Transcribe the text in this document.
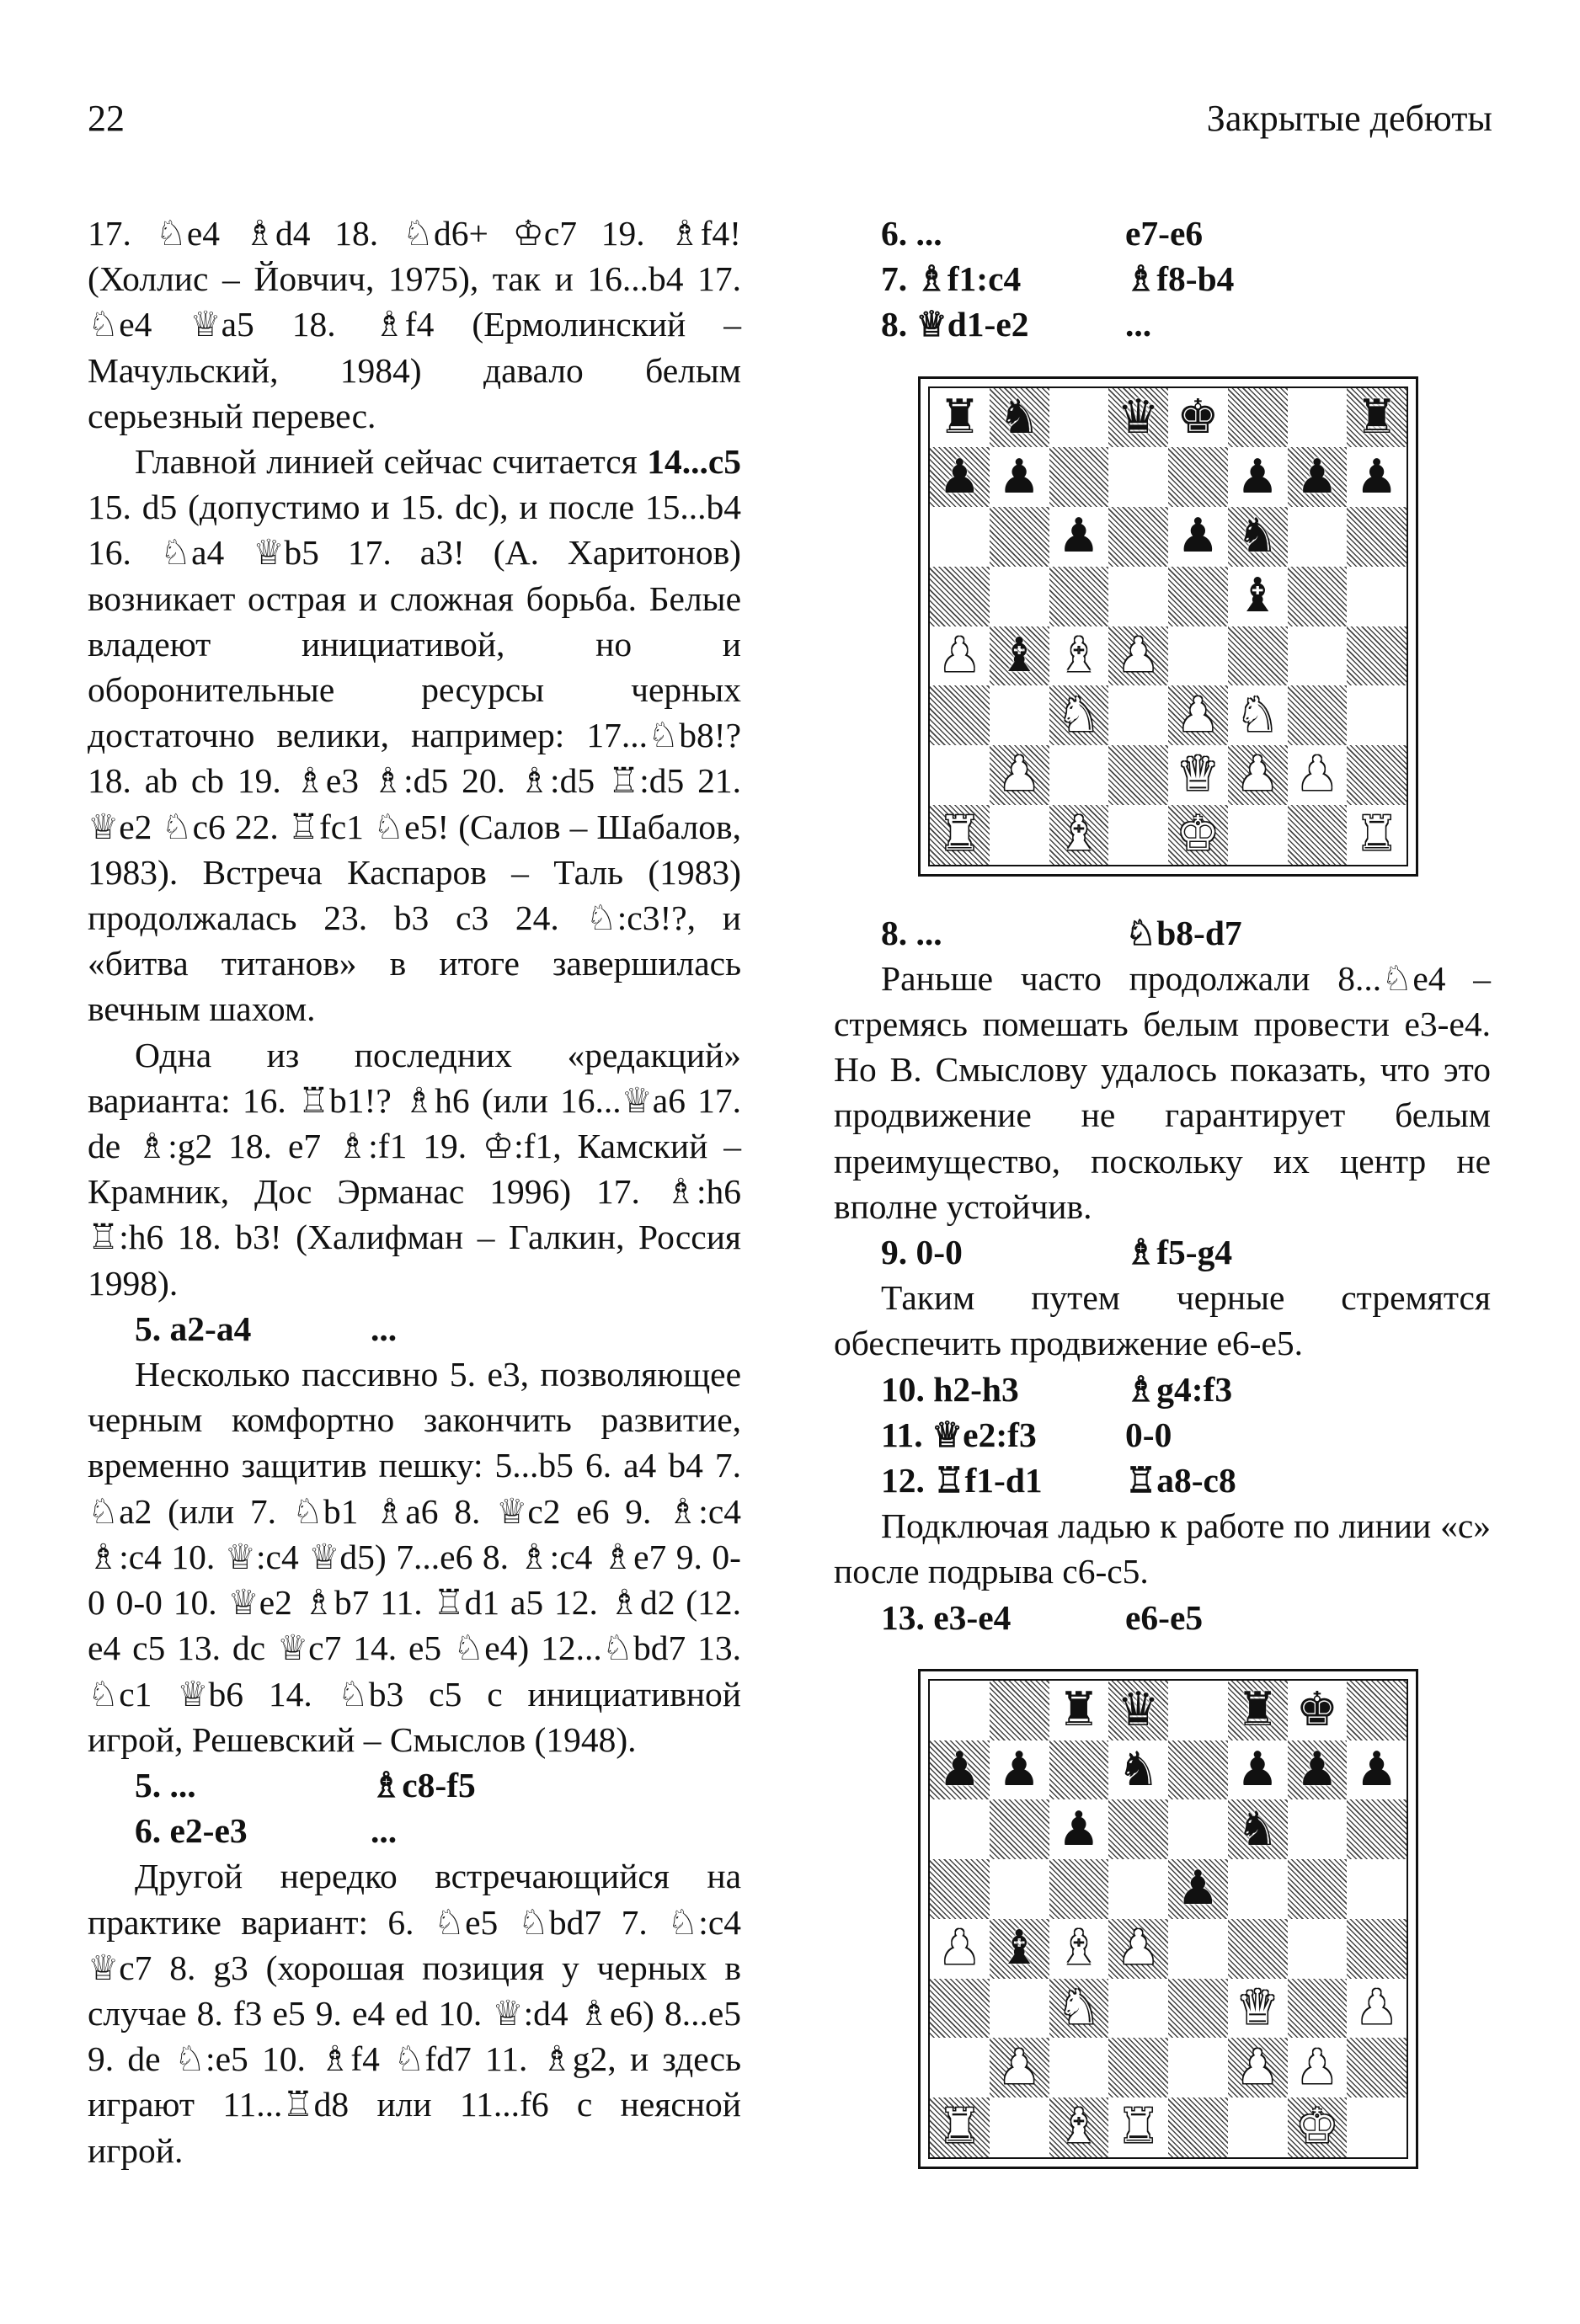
22	Закрытые дебюты

17. ♘e4 ♗d4 18. ♘d6+ ♔c7 19. ♗f4! (Холлис – Йовчич, 1975), так и 16...b4 17. ♘e4 ♕a5 18. ♗f4 (Ермолинский – Мачульский, 1984) давало белым серьезный перевес.

Главной линией сейчас считается 14...c5 15. d5 (допустимо и 15. dc), и после 15...b4 16. ♘a4 ♕b5 17. a3! (А. Харитонов) возникает острая и сложная борьба. Белые владеют инициативой, но и оборонительные ресурсы черных достаточно велики, например: 17...♘b8!? 18. ab cb 19. ♗e3 ♗:d5 20. ♗:d5 ♖:d5 21. ♕e2 ♘c6 22. ♖fc1 ♘e5! (Салов – Шабалов, 1983). Встреча Каспаров – Таль (1983) продолжалась 23. b3 c3 24. ♘:c3!?, и «битва титанов» в итоге завершилась вечным шахом.

Одна из последних «редакций» варианта: 16. ♖b1!? ♗h6 (или 16...♕a6 17. de ♗:g2 18. e7 ♗:f1 19. ♔:f1, Камский – Крамник, Дос Эрманас 1996) 17. ♗:h6 ♖:h6 18. b3! (Халифман – Галкин, Россия 1998).

5. a2-a4	...

Несколько пассивно 5. e3, позволяющее черным комфортно закончить развитие, временно защитив пешку: 5...b5 6. a4 b4 7. ♘a2 (или 7. ♘b1 ♗a6 8. ♕c2 e6 9. ♗:c4 ♗:c4 10. ♕:c4 ♕d5) 7...e6 8. ♗:c4 ♗e7 9. 0-0 0-0 10. ♕e2 ♗b7 11. ♖d1 a5 12. ♗d2 (12. e4 c5 13. dc ♕c7 14. e5 ♘e4) 12...♘bd7 13. ♘c1 ♕b6 14. ♘b3 c5 с инициативной игрой, Решевский – Смыслов (1948).

5. ...	♗c8-f5
6. e2-e3	...

Другой нередко встречающийся на практике вариант: 6. ♘e5 ♘bd7 7. ♘:c4 ♕c7 8. g3 (хорошая позиция у черных в случае 8. f3 e5 9. e4 ed 10. ♕:d4 ♗e6) 8...e5 9. de ♘:e5 10. ♗f4 ♘fd7 11. ♗g2, и здесь играют 11...♖d8 или 11...f6 с неясной игрой.

6. ...	e7-e6
7. ♗f1:c4	♗f8-b4
8. ♕d1-e2	...
♜ ♞ ♛ ♚	♜
♟ ♟	♟ ♟ ♟
♟ ♟ ♞
♝
♟ ♝ ♝ ♟
♞ ♟ ♞
♟	♛ ♟ ♟
♜ ♝ ♚	♜
8. ...	♘b8-d7

Раньше часто продолжали 8...♘e4 – стремясь помешать белым провести e3-e4. Но В. Смыслову удалось показать, что это продвижение не гарантирует белым преимущество, поскольку их центр не вполне устойчив.

9. 0-0	♗f5-g4

Таким путем черные стремятся обеспечить продвижение e6-e5.

10. h2-h3	♗g4:f3
11. ♕e2:f3	0-0
12. ♖f1-d1	♖a8-c8

Подключая ладью к работе по линии «с» после подрыва c6-c5.

13. e3-e4	e6-e5
♜ ♛ ♜ ♚
♟ ♟ ♞ ♟ ♟ ♟
♟	♞
♟
♟ ♝ ♝ ♟
♞	♛ ♟
♟	♟ ♟
♜ ♝ ♜	♚
